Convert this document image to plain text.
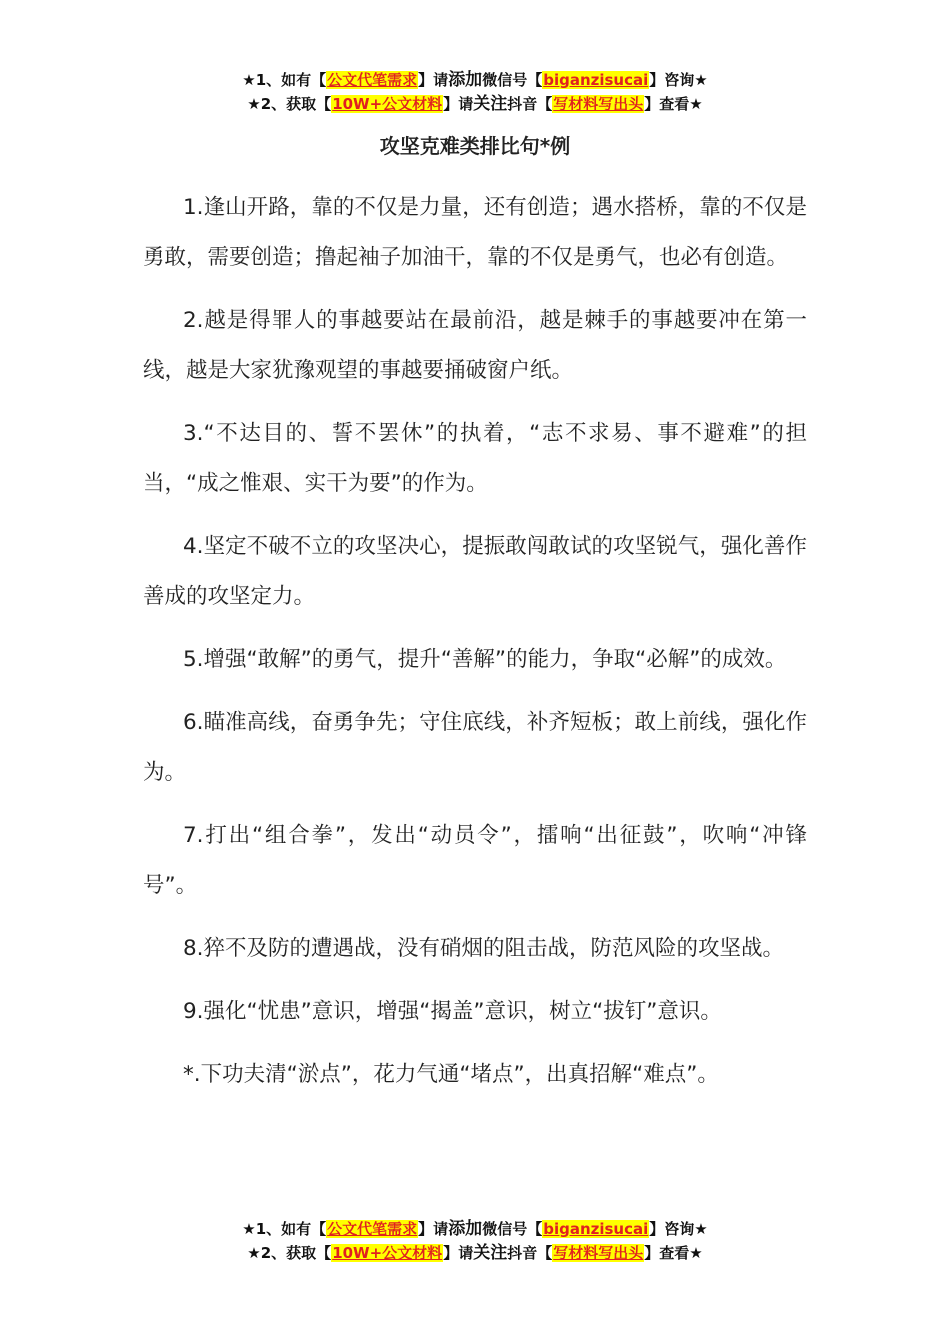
★1、如有【公文代笔需求】请添加微信号【biganzisucai】咨询★
★2、获取【10W+公文材料】请关注抖音【写材料写出头】查看★
攻坚克难类排比句*例

1.逢山开路，靠的不仅是力量，还有创造；遇水搭桥，靠的不仅是勇敢，需要创造；撸起袖子加油干，靠的不仅是勇气，也必有创造。

2.越是得罪人的事越要站在最前沿，越是棘手的事越要冲在第一线，越是大家犹豫观望的事越要捅破窗户纸。

3.“不达目的、誓不罢休”的执着，“志不求易、事不避难”的担当，“成之惟艰、实干为要”的作为。

4.坚定不破不立的攻坚决心，提振敢闯敢试的攻坚锐气，强化善作善成的攻坚定力。

5.增强“敢解”的勇气，提升“善解”的能力，争取“必解”的成效。

6.瞄准高线，奋勇争先；守住底线，补齐短板；敢上前线，强化作为。

7.打出“组合拳”，发出“动员令”，擂响“出征鼓”，吹响“冲锋号”。

8.猝不及防的遭遇战，没有硝烟的阻击战，防范风险的攻坚战。

9.强化“忧患”意识，增强“揭盖”意识，树立“拔钉”意识。

*.下功夫清“淤点”，花力气通“堵点”，出真招解“难点”。

★1、如有【公文代笔需求】请添加微信号【biganzisucai】咨询★
★2、获取【10W+公文材料】请关注抖音【写材料写出头】查看★
